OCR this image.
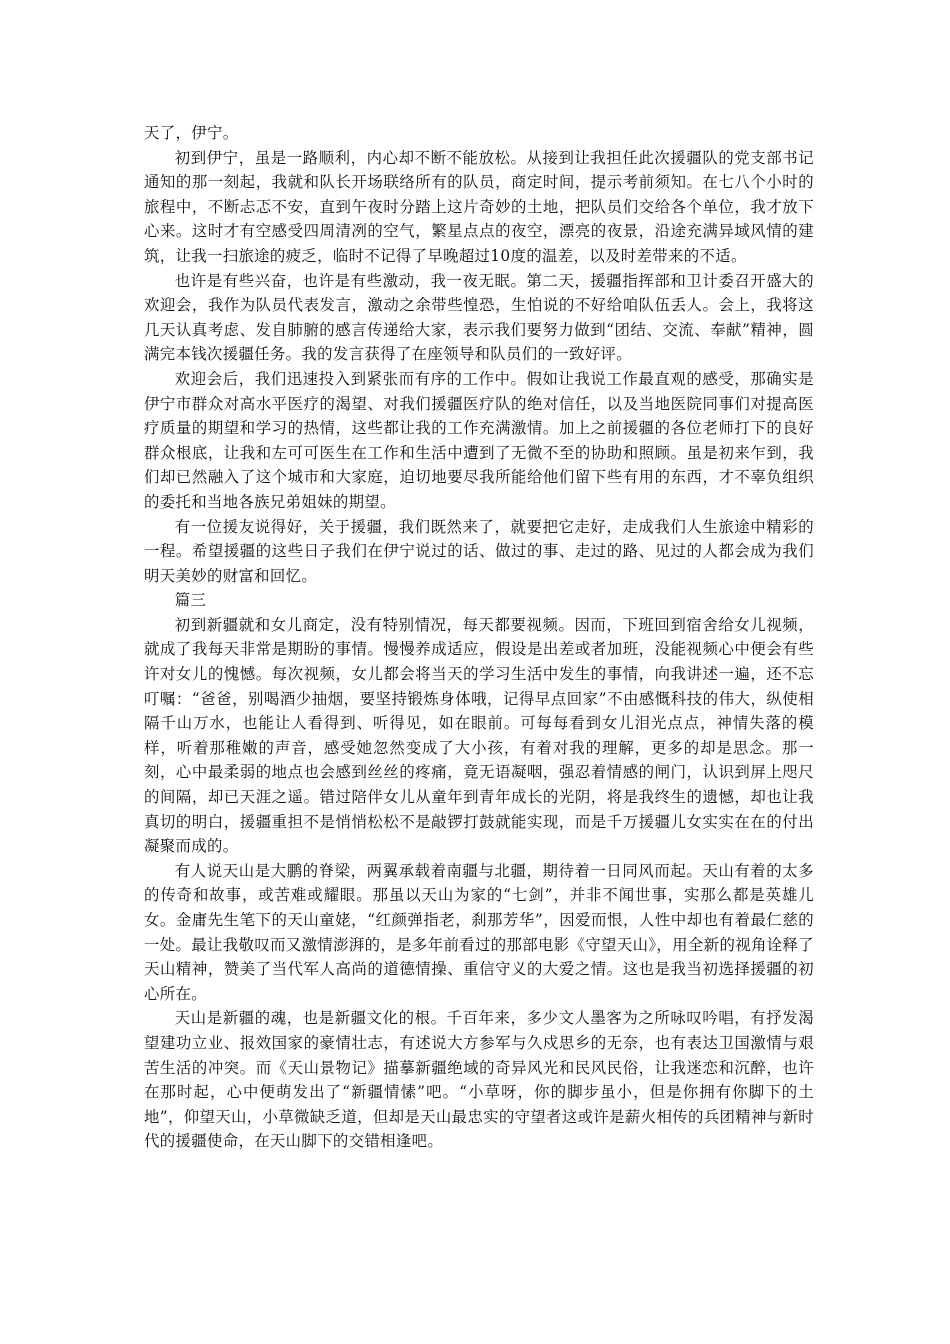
天了，伊宁。

初到伊宁，虽是一路顺利，内心却不断不能放松。从接到让我担任此次援疆队的党支部书记通知的那一刻起，我就和队长开场联络所有的队员，商定时间，提示考前须知。在七八个小时的旅程中，不断忐忑不安，直到午夜时分踏上这片奇妙的土地，把队员们交给各个单位，我才放下心来。这时才有空感受四周清冽的空气，繁星点点的夜空，漂亮的夜景，沿途充满异域风情的建筑，让我一扫旅途的疲乏，临时不记得了早晚超过10度的温差，以及时差带来的不适。

也许是有些兴奋，也许是有些激动，我一夜无眠。第二天，援疆指挥部和卫计委召开盛大的欢迎会，我作为队员代表发言，激动之余带些惶恐，生怕说的不好给咱队伍丢人。会上，我将这几天认真考虑、发自肺腑的感言传递给大家，表示我们要努力做到“团结、交流、奉献”精神，圆满完本钱次援疆任务。我的发言获得了在座领导和队员们的一致好评。

欢迎会后，我们迅速投入到紧张而有序的工作中。假如让我说工作最直观的感受，那确实是伊宁市群众对高水平医疗的渴望、对我们援疆医疗队的绝对信任，以及当地医院同事们对提高医疗质量的期望和学习的热情，这些都让我的工作充满激情。加上之前援疆的各位老师打下的良好群众根底，让我和左可可医生在工作和生活中遭到了无微不至的协助和照顾。虽是初来乍到，我们却已然融入了这个城市和大家庭，迫切地要尽我所能给他们留下些有用的东西，才不辜负组织的委托和当地各族兄弟姐妹的期望。

有一位援友说得好，关于援疆，我们既然来了，就要把它走好，走成我们人生旅途中精彩的一程。希望援疆的这些日子我们在伊宁说过的话、做过的事、走过的路、见过的人都会成为我们明天美妙的财富和回忆。

篇三

初到新疆就和女儿商定，没有特别情况，每天都要视频。因而，下班回到宿舍给女儿视频，就成了我每天非常是期盼的事情。慢慢养成适应，假设是出差或者加班，没能视频心中便会有些许对女儿的愧憾。每次视频，女儿都会将当天的学习生活中发生的事情，向我讲述一遍，还不忘叮嘱：“爸爸，别喝酒少抽烟，要坚持锻炼身体哦，记得早点回家”不由感慨科技的伟大，纵使相隔千山万水，也能让人看得到、听得见，如在眼前。可每每看到女儿泪光点点，神情失落的模样，听着那稚嫩的声音，感受她忽然变成了大小孩，有着对我的理解，更多的却是思念。那一刻，心中最柔弱的地点也会感到丝丝的疼痛，竟无语凝咽，强忍着情感的闸门，认识到屏上咫尺的间隔，却已天涯之遥。错过陪伴女儿从童年到青年成长的光阴，将是我终生的遗憾，却也让我真切的明白，援疆重担不是悄悄松松不是敲锣打鼓就能实现，而是千万援疆儿女实实在在的付出凝聚而成的。

有人说天山是大鹏的脊梁，两翼承载着南疆与北疆，期待着一日同风而起。天山有着的太多的传奇和故事，或苦难或耀眼。那虽以天山为家的“七剑”，并非不闻世事，实那么都是英雄儿女。金庸先生笔下的天山童姥，“红颜弹指老，刹那芳华”，因爱而恨，人性中却也有着最仁慈的一处。最让我敬叹而又激情澎湃的，是多年前看过的那部电影《守望天山》，用全新的视角诠释了天山精神，赞美了当代军人高尚的道德情操、重信守义的大爱之情。这也是我当初选择援疆的初心所在。

天山是新疆的魂，也是新疆文化的根。千百年来，多少文人墨客为之所咏叹吟唱，有抒发渴望建功立业、报效国家的豪情壮志，有述说大方参军与久戍思乡的无奈，也有表达卫国激情与艰苦生活的冲突。而《天山景物记》描摹新疆绝域的奇异风光和民风民俗，让我迷恋和沉醉，也许在那时起，心中便萌发出了“新疆情愫”吧。“小草呀，你的脚步虽小，但是你拥有你脚下的土地”，仰望天山，小草微缺乏道，但却是天山最忠实的守望者这或许是薪火相传的兵团精神与新时代的援疆使命，在天山脚下的交错相逢吧。
